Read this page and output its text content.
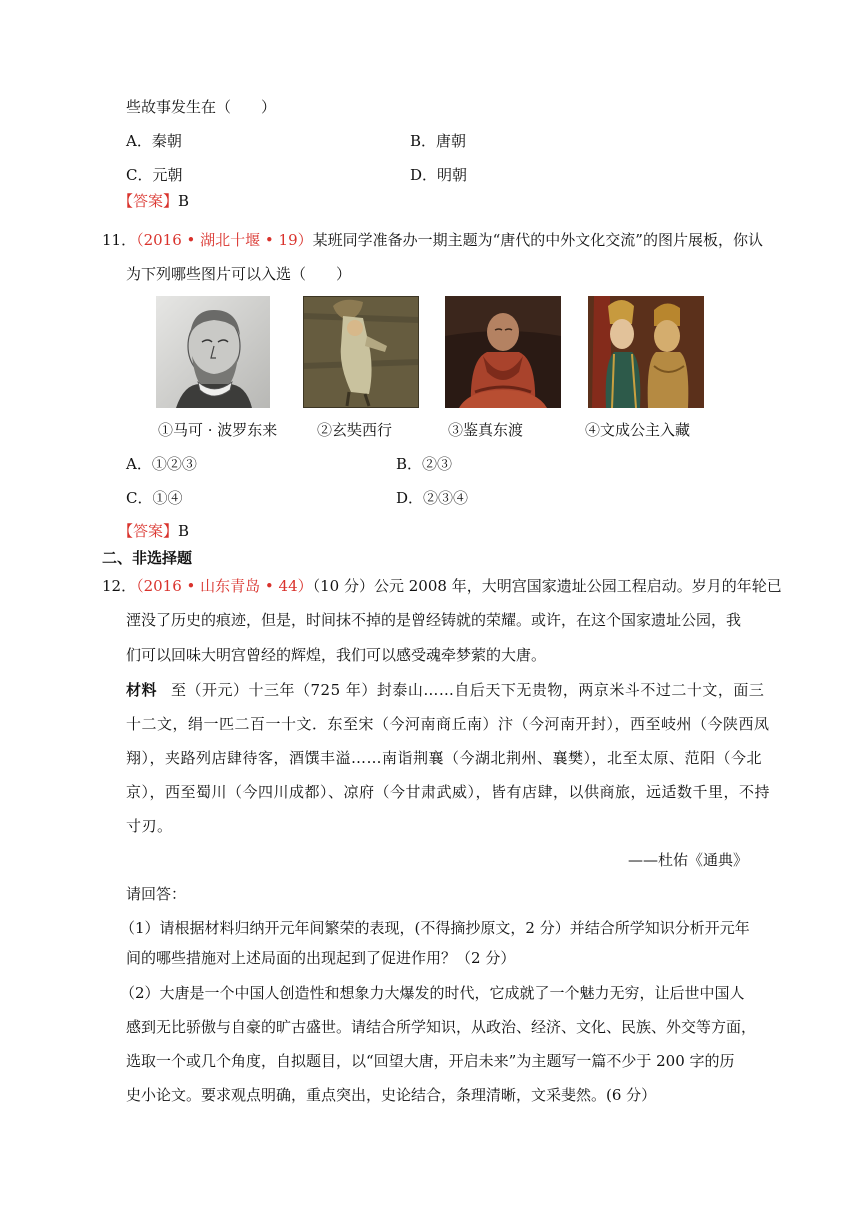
些故事发生在（　　）
A．秦朝	B．唐朝
C．元朝	D．明朝
【答案】B
11．（2016 • 湖北十堰 • 19）某班同学准备办一期主题为“唐代的中外文化交流”的图片展板，你认
为下列哪些图片可以入选（　　）
①马可 · 波罗东来	②玄奘西行	③鉴真东渡	④文成公主入藏
A．①②③	B．②③
C．①④	D．②③④
【答案】B
二、非选择题
12．（2016 • 山东青岛 • 44）（10 分）公元 2008 年，大明宫国家遗址公园工程启动。岁月的年轮已
湮没了历史的痕迹，但是，时间抹不掉的是曾经铸就的荣耀。或许，在这个国家遗址公园，我
们可以回味大明宫曾经的辉煌，我们可以感受魂牵梦萦的大唐。
材料 至（开元）十三年（725 年）封泰山……自后天下无贵物，两京米斗不过二十文，面三
十二文，绢一匹二百一十文．东至宋（今河南商丘南）汴（今河南开封），西至岐州（今陕西凤
翔），夹路列店肆待客，酒馔丰溢……南诣荆襄（今湖北荆州、襄樊），北至太原、范阳（今北
京），西至蜀川（今四川成都）、凉府（今甘肃武威），皆有店肆，以供商旅，远适数千里，不持
寸刃。
——杜佑《通典》
请回答：
（1）请根据材料归纳开元年间繁荣的表现，(不得摘抄原文，2 分）并结合所学知识分析开元年
间的哪些措施对上述局面的出现起到了促进作用？（2 分）
（2）大唐是一个中国人创造性和想象力大爆发的时代，它成就了一个魅力无穷，让后世中国人
感到无比骄傲与自豪的旷古盛世。请结合所学知识，从政治、经济、文化、民族、外交等方面，
选取一个或几个角度，自拟题目，以“回望大唐，开启未来”为主题写一篇不少于 200 字的历
史小论文。要求观点明确，重点突出，史论结合，条理清晰，文采斐然。(6 分）
